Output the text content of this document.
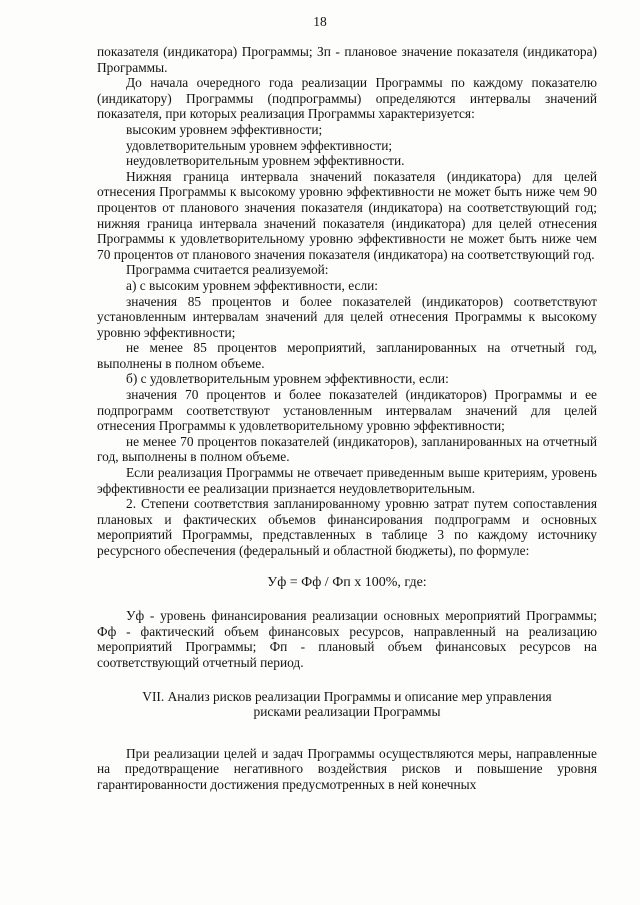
18

показателя (индикатора) Программы; Зп - плановое значение показателя (индикатора) Программы.

До начала очередного года реализации Программы по каждому показателю (индикатору) Программы (подпрограммы) определяются интервалы значений показателя, при которых реализация Программы характеризуется:

высоким уровнем эффективности;

удовлетворительным уровнем эффективности;

неудовлетворительным уровнем эффективности.

Нижняя граница интервала значений показателя (индикатора) для целей отнесения Программы к высокому уровню эффективности не может быть ниже чем 90 процентов от планового значения показателя (индикатора) на соответствующий год; нижняя граница интервала значений показателя (индикатора) для целей отнесения Программы к удовлетворительному уровню эффективности не может быть ниже чем 70 процентов от планового значения показателя (индикатора) на соответствующий год.

Программа считается реализуемой:

а) с высоким уровнем эффективности, если:

значения 85 процентов и более показателей (индикаторов) соответствуют установленным интервалам значений для целей отнесения Программы к высокому уровню эффективности;

не менее 85 процентов мероприятий, запланированных на отчетный год, выполнены в полном объеме.

б) с удовлетворительным уровнем эффективности, если:

значения 70 процентов и более показателей (индикаторов) Программы и ее подпрограмм соответствуют установленным интервалам значений для целей отнесения Программы к удовлетворительному уровню эффективности;

не менее 70 процентов показателей (индикаторов), запланированных на отчетный год, выполнены в полном объеме.

Если реализация Программы не отвечает приведенным выше критериям, уровень эффективности ее реализации признается неудовлетворительным.

2. Степени соответствия запланированному уровню затрат путем сопоставления плановых и фактических объемов финансирования подпрограмм и основных мероприятий Программы, представленных в таблице 3 по каждому источнику ресурсного обеспечения (федеральный и областной бюджеты), по формуле:

Уф = Фф / Фп х 100%, где:

Уф - уровень финансирования реализации основных мероприятий Программы; Фф - фактический объем финансовых ресурсов, направленный на реализацию мероприятий Программы; Фп - плановый объем финансовых ресурсов на соответствующий отчетный период.

VII. Анализ рисков реализации Программы и описание мер управления
рисками реализации Программы

При реализации целей и задач Программы осуществляются меры, направленные на предотвращение негативного воздействия рисков и повышение уровня гарантированности достижения предусмотренных в ней конечных
